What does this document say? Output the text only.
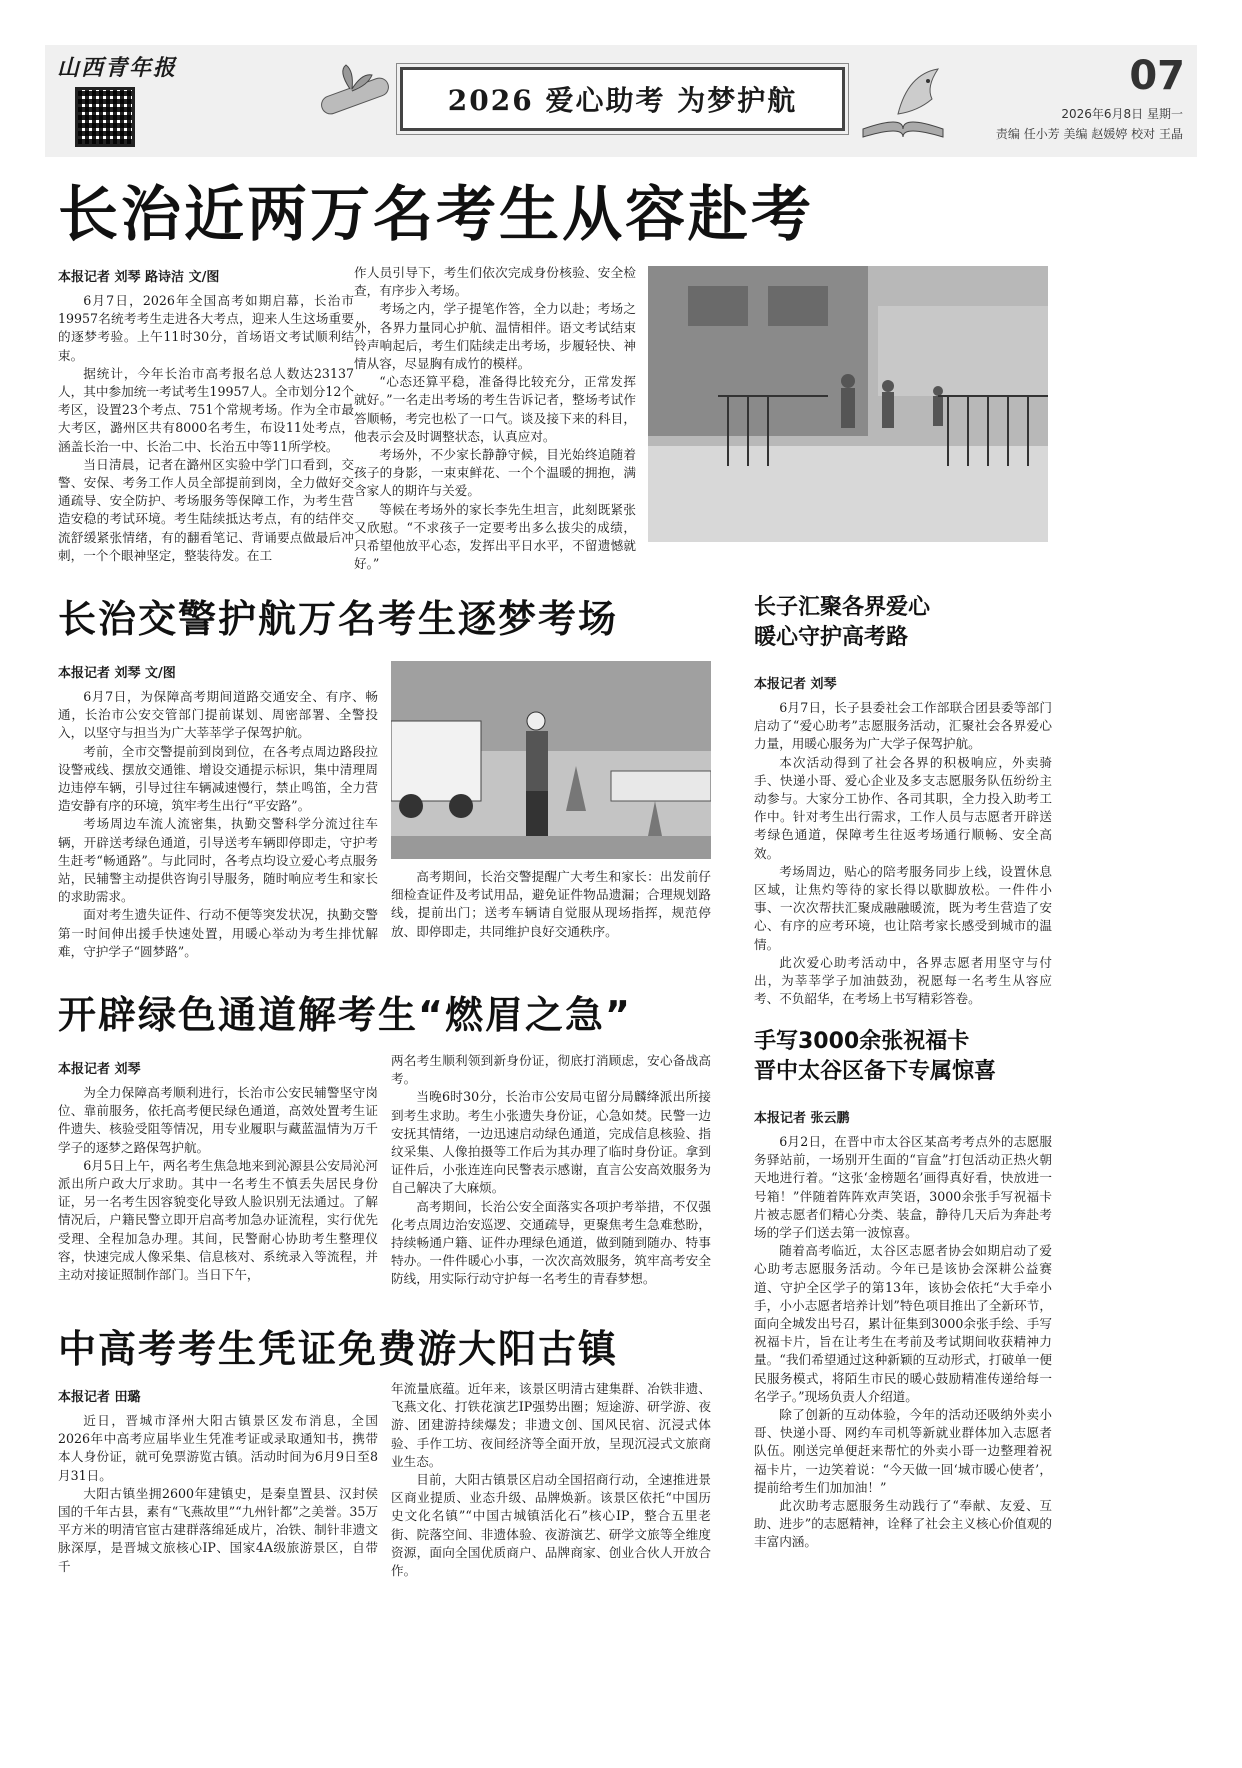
山西青年报
2026 爱心助考 为梦护航
07
2026年6月8日 星期一
责编 任小芳 美编 赵媛婷 校对 王晶
长治近两万名考生从容赴考
本报记者 刘琴 路诗洁 文/图

6月7日，2026年全国高考如期启幕，长治市19957名统考考生走进各大考点，迎来人生这场重要的逐梦考验。上午11时30分，首场语文考试顺利结束。

据统计，今年长治市高考报名总人数达23137人，其中参加统一考试考生19957人。全市划分12个考区，设置23个考点、751个常规考场。作为全市最大考区，潞州区共有8000名考生，布设11处考点，涵盖长治一中、长治二中、长治五中等11所学校。

当日清晨，记者在潞州区实验中学门口看到，交警、安保、考务工作人员全部提前到岗，全力做好交通疏导、安全防护、考场服务等保障工作，为考生营造安稳的考试环境。考生陆续抵达考点，有的结伴交流舒缓紧张情绪，有的翻看笔记、背诵要点做最后冲刺，一个个眼神坚定，整装待发。在工

作人员引导下，考生们依次完成身份核验、安全检查，有序步入考场。

考场之内，学子提笔作答，全力以赴；考场之外，各界力量同心护航、温情相伴。语文考试结束铃声响起后，考生们陆续走出考场，步履轻快、神情从容，尽显胸有成竹的模样。

“心态还算平稳，准备得比较充分，正常发挥就好。”一名走出考场的考生告诉记者，整场考试作答顺畅，考完也松了一口气。谈及接下来的科目，他表示会及时调整状态，认真应对。

考场外，不少家长静静守候，目光始终追随着孩子的身影，一束束鲜花、一个个温暖的拥抱，满含家人的期许与关爱。

等候在考场外的家长李先生坦言，此刻既紧张又欣慰。“不求孩子一定要考出多么拔尖的成绩，只希望他放平心态，发挥出平日水平，不留遗憾就好。”

长治交警护航万名考生逐梦考场
本报记者 刘琴 文/图

6月7日，为保障高考期间道路交通安全、有序、畅通，长治市公安交管部门提前谋划、周密部署、全警投入，以坚守与担当为广大莘莘学子保驾护航。

考前，全市交警提前到岗到位，在各考点周边路段拉设警戒线、摆放交通锥、增设交通提示标识，集中清理周边违停车辆，引导过往车辆减速慢行，禁止鸣笛，全力营造安静有序的环境，筑牢考生出行“平安路”。

考场周边车流人流密集，执勤交警科学分流过往车辆，开辟送考绿色通道，引导送考车辆即停即走，守护考生赶考“畅通路”。与此同时，各考点均设立爱心考点服务站，民辅警主动提供咨询引导服务，随时响应考生和家长的求助需求。

面对考生遗失证件、行动不便等突发状况，执勤交警第一时间伸出援手快速处置，用暖心举动为考生排忧解难，守护学子“圆梦路”。

高考期间，长治交警提醒广大考生和家长：出发前仔细检查证件及考试用品，避免证件物品遗漏；合理规划路线，提前出门；送考车辆请自觉服从现场指挥，规范停放、即停即走，共同维护良好交通秩序。

长子汇聚各界爱心
暖心守护高考路
本报记者 刘琴

6月7日，长子县委社会工作部联合团县委等部门启动了“爱心助考”志愿服务活动，汇聚社会各界爱心力量，用暖心服务为广大学子保驾护航。

本次活动得到了社会各界的积极响应，外卖骑手、快递小哥、爱心企业及多支志愿服务队伍纷纷主动参与。大家分工协作、各司其职，全力投入助考工作中。针对考生出行需求，工作人员与志愿者开辟送考绿色通道，保障考生往返考场通行顺畅、安全高效。

考场周边，贴心的陪考服务同步上线，设置休息区域，让焦灼等待的家长得以歇脚放松。一件件小事、一次次帮扶汇聚成融融暖流，既为考生营造了安心、有序的应考环境，也让陪考家长感受到城市的温情。

此次爱心助考活动中，各界志愿者用坚守与付出，为莘莘学子加油鼓劲，祝愿每一名考生从容应考、不负韶华，在考场上书写精彩答卷。

开辟绿色通道解考生“燃眉之急”
本报记者 刘琴

为全力保障高考顺利进行，长治市公安民辅警坚守岗位、靠前服务，依托高考便民绿色通道，高效处置考生证件遗失、核验受阻等情况，用专业履职与藏蓝温情为万千学子的逐梦之路保驾护航。

6月5日上午，两名考生焦急地来到沁源县公安局沁河派出所户政大厅求助。其中一名考生不慎丢失居民身份证，另一名考生因容貌变化导致人脸识别无法通过。了解情况后，户籍民警立即开启高考加急办证流程，实行优先受理、全程加急办理。其间，民警耐心协助考生整理仪容，快速完成人像采集、信息核对、系统录入等流程，并主动对接证照制作部门。当日下午，

两名考生顺利领到新身份证，彻底打消顾虑，安心备战高考。

当晚6时30分，长治市公安局屯留分局麟绛派出所接到考生求助。考生小张遗失身份证，心急如焚。民警一边安抚其情绪，一边迅速启动绿色通道，完成信息核验、指纹采集、人像拍摄等工作后为其办理了临时身份证。拿到证件后，小张连连向民警表示感谢，直言公安高效服务为自己解决了大麻烦。

高考期间，长治公安全面落实各项护考举措，不仅强化考点周边治安巡逻、交通疏导，更聚焦考生急难愁盼，持续畅通户籍、证件办理绿色通道，做到随到随办、特事特办。一件件暖心小事，一次次高效服务，筑牢高考安全防线，用实际行动守护每一名考生的青春梦想。

手写3000余张祝福卡
晋中太谷区备下专属惊喜
本报记者 张云鹏

6月2日，在晋中市太谷区某高考考点外的志愿服务驿站前，一场别开生面的“盲盒”打包活动正热火朝天地进行着。“这张‘金榜题名’画得真好看，快放进一号箱！”伴随着阵阵欢声笑语，3000余张手写祝福卡片被志愿者们精心分类、装盒，静待几天后为奔赴考场的学子们送去第一波惊喜。

随着高考临近，太谷区志愿者协会如期启动了爱心助考志愿服务活动。今年已是该协会深耕公益赛道、守护全区学子的第13年，该协会依托“大手牵小手，小小志愿者培养计划”特色项目推出了全新环节，面向全城发出号召，累计征集到3000余张手绘、手写祝福卡片，旨在让考生在考前及考试期间收获精神力量。“我们希望通过这种新颖的互动形式，打破单一便民服务模式，将陌生市民的暖心鼓励精准传递给每一名学子。”现场负责人介绍道。

除了创新的互动体验，今年的活动还吸纳外卖小哥、快递小哥、网约车司机等新就业群体加入志愿者队伍。刚送完单便赶来帮忙的外卖小哥一边整理着祝福卡片，一边笑着说：“今天做一回‘城市暖心使者’，提前给考生们加加油！”

此次助考志愿服务生动践行了“奉献、友爱、互助、进步”的志愿精神，诠释了社会主义核心价值观的丰富内涵。

中高考考生凭证免费游大阳古镇
本报记者 田璐

近日，晋城市泽州大阳古镇景区发布消息，全国2026年中高考应届毕业生凭准考证或录取通知书，携带本人身份证，就可免票游览古镇。活动时间为6月9日至8月31日。

大阳古镇坐拥2600年建镇史，是秦皇置县、汉封侯国的千年古县，素有“飞燕故里”“九州针都”之美誉。35万平方米的明清官宦古建群落绵延成片，冶铁、制针非遗文脉深厚，是晋城文旅核心IP、国家4A级旅游景区，自带千

年流量底蕴。近年来，该景区明清古建集群、冶铁非遗、飞燕文化、打铁花演艺IP强势出圈；短途游、研学游、夜游、团建游持续爆发；非遗文创、国风民宿、沉浸式体验、手作工坊、夜间经济等全面开放，呈现沉浸式文旅商业生态。

目前，大阳古镇景区启动全国招商行动，全速推进景区商业提质、业态升级、品牌焕新。该景区依托“中国历史文化名镇”“中国古城镇活化石”核心IP，整合五里老街、院落空间、非遗体验、夜游演艺、研学文旅等全维度资源，面向全国优质商户、品牌商家、创业合伙人开放合作。
